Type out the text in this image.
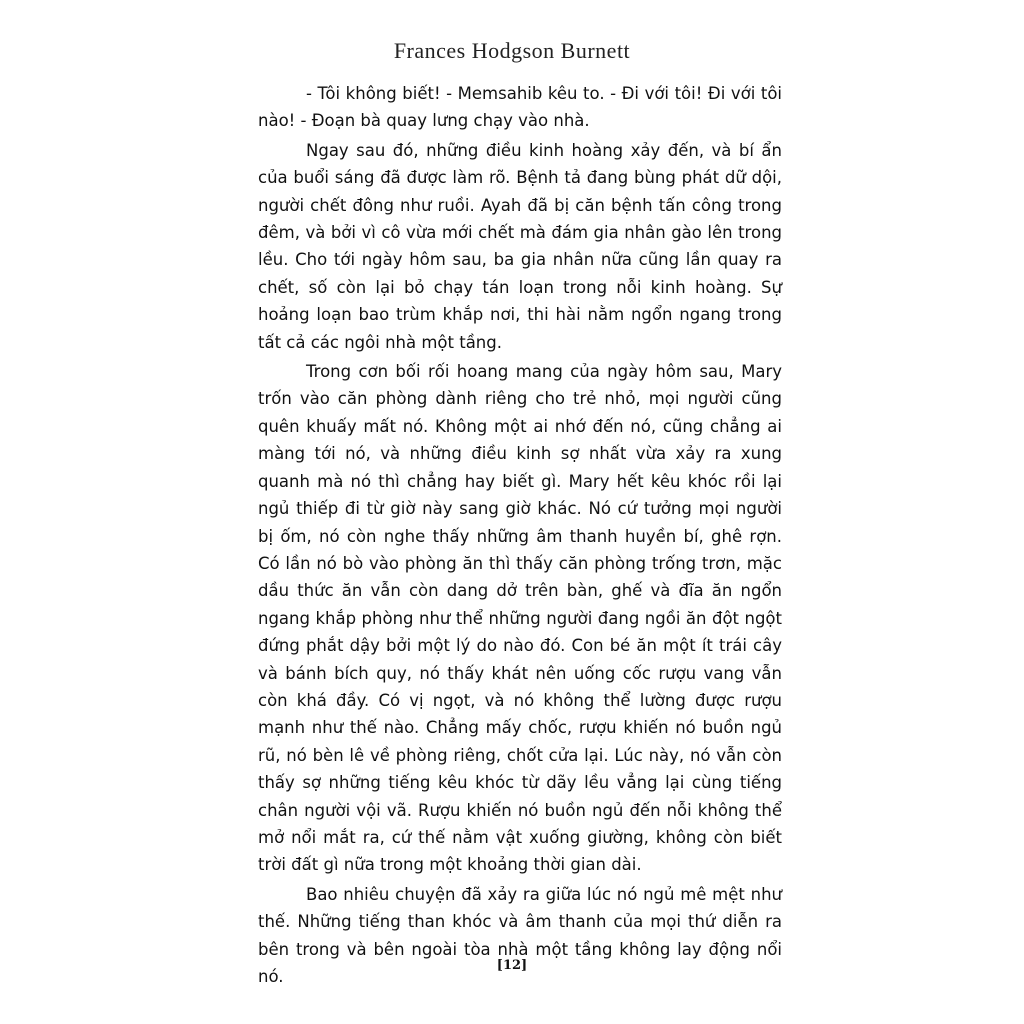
Frances Hodgson Burnett

- Tôi không biết! - Memsahib kêu to. - Đi với tôi! Đi với tôi nào! - Đoạn bà quay lưng chạy vào nhà.

Ngay sau đó, những điều kinh hoàng xảy đến, và bí ẩn của buổi sáng đã được làm rõ. Bệnh tả đang bùng phát dữ dội, người chết đông như ruồi. Ayah đã bị căn bệnh tấn công trong đêm, và bởi vì cô vừa mới chết mà đám gia nhân gào lên trong lều. Cho tới ngày hôm sau, ba gia nhân nữa cũng lần quay ra chết, số còn lại bỏ chạy tán loạn trong nỗi kinh hoàng. Sự hoảng loạn bao trùm khắp nơi, thi hài nằm ngổn ngang trong tất cả các ngôi nhà một tầng.

Trong cơn bối rối hoang mang của ngày hôm sau, Mary trốn vào căn phòng dành riêng cho trẻ nhỏ, mọi người cũng quên khuấy mất nó. Không một ai nhớ đến nó, cũng chẳng ai màng tới nó, và những điều kinh sợ nhất vừa xảy ra xung quanh mà nó thì chẳng hay biết gì. Mary hết kêu khóc rồi lại ngủ thiếp đi từ giờ này sang giờ khác. Nó cứ tưởng mọi người bị ốm, nó còn nghe thấy những âm thanh huyền bí, ghê rợn. Có lần nó bò vào phòng ăn thì thấy căn phòng trống trơn, mặc dầu thức ăn vẫn còn dang dở trên bàn, ghế và đĩa ăn ngổn ngang khắp phòng như thể những người đang ngồi ăn đột ngột đứng phắt dậy bởi một lý do nào đó. Con bé ăn một ít trái cây và bánh bích quy, nó thấy khát nên uống cốc rượu vang vẫn còn khá đầy. Có vị ngọt, và nó không thể lường được rượu mạnh như thế nào. Chẳng mấy chốc, rượu khiến nó buồn ngủ rũ, nó bèn lê về phòng riêng, chốt cửa lại. Lúc này, nó vẫn còn thấy sợ những tiếng kêu khóc từ dãy lều vẳng lại cùng tiếng chân người vội vã. Rượu khiến nó buồn ngủ đến nỗi không thể mở nổi mắt ra, cứ thế nằm vật xuống giường, không còn biết trời đất gì nữa trong một khoảng thời gian dài.

Bao nhiêu chuyện đã xảy ra giữa lúc nó ngủ mê mệt như thế. Những tiếng than khóc và âm thanh của mọi thứ diễn ra bên trong và bên ngoài tòa nhà một tầng không lay động nổi nó.

[12]
